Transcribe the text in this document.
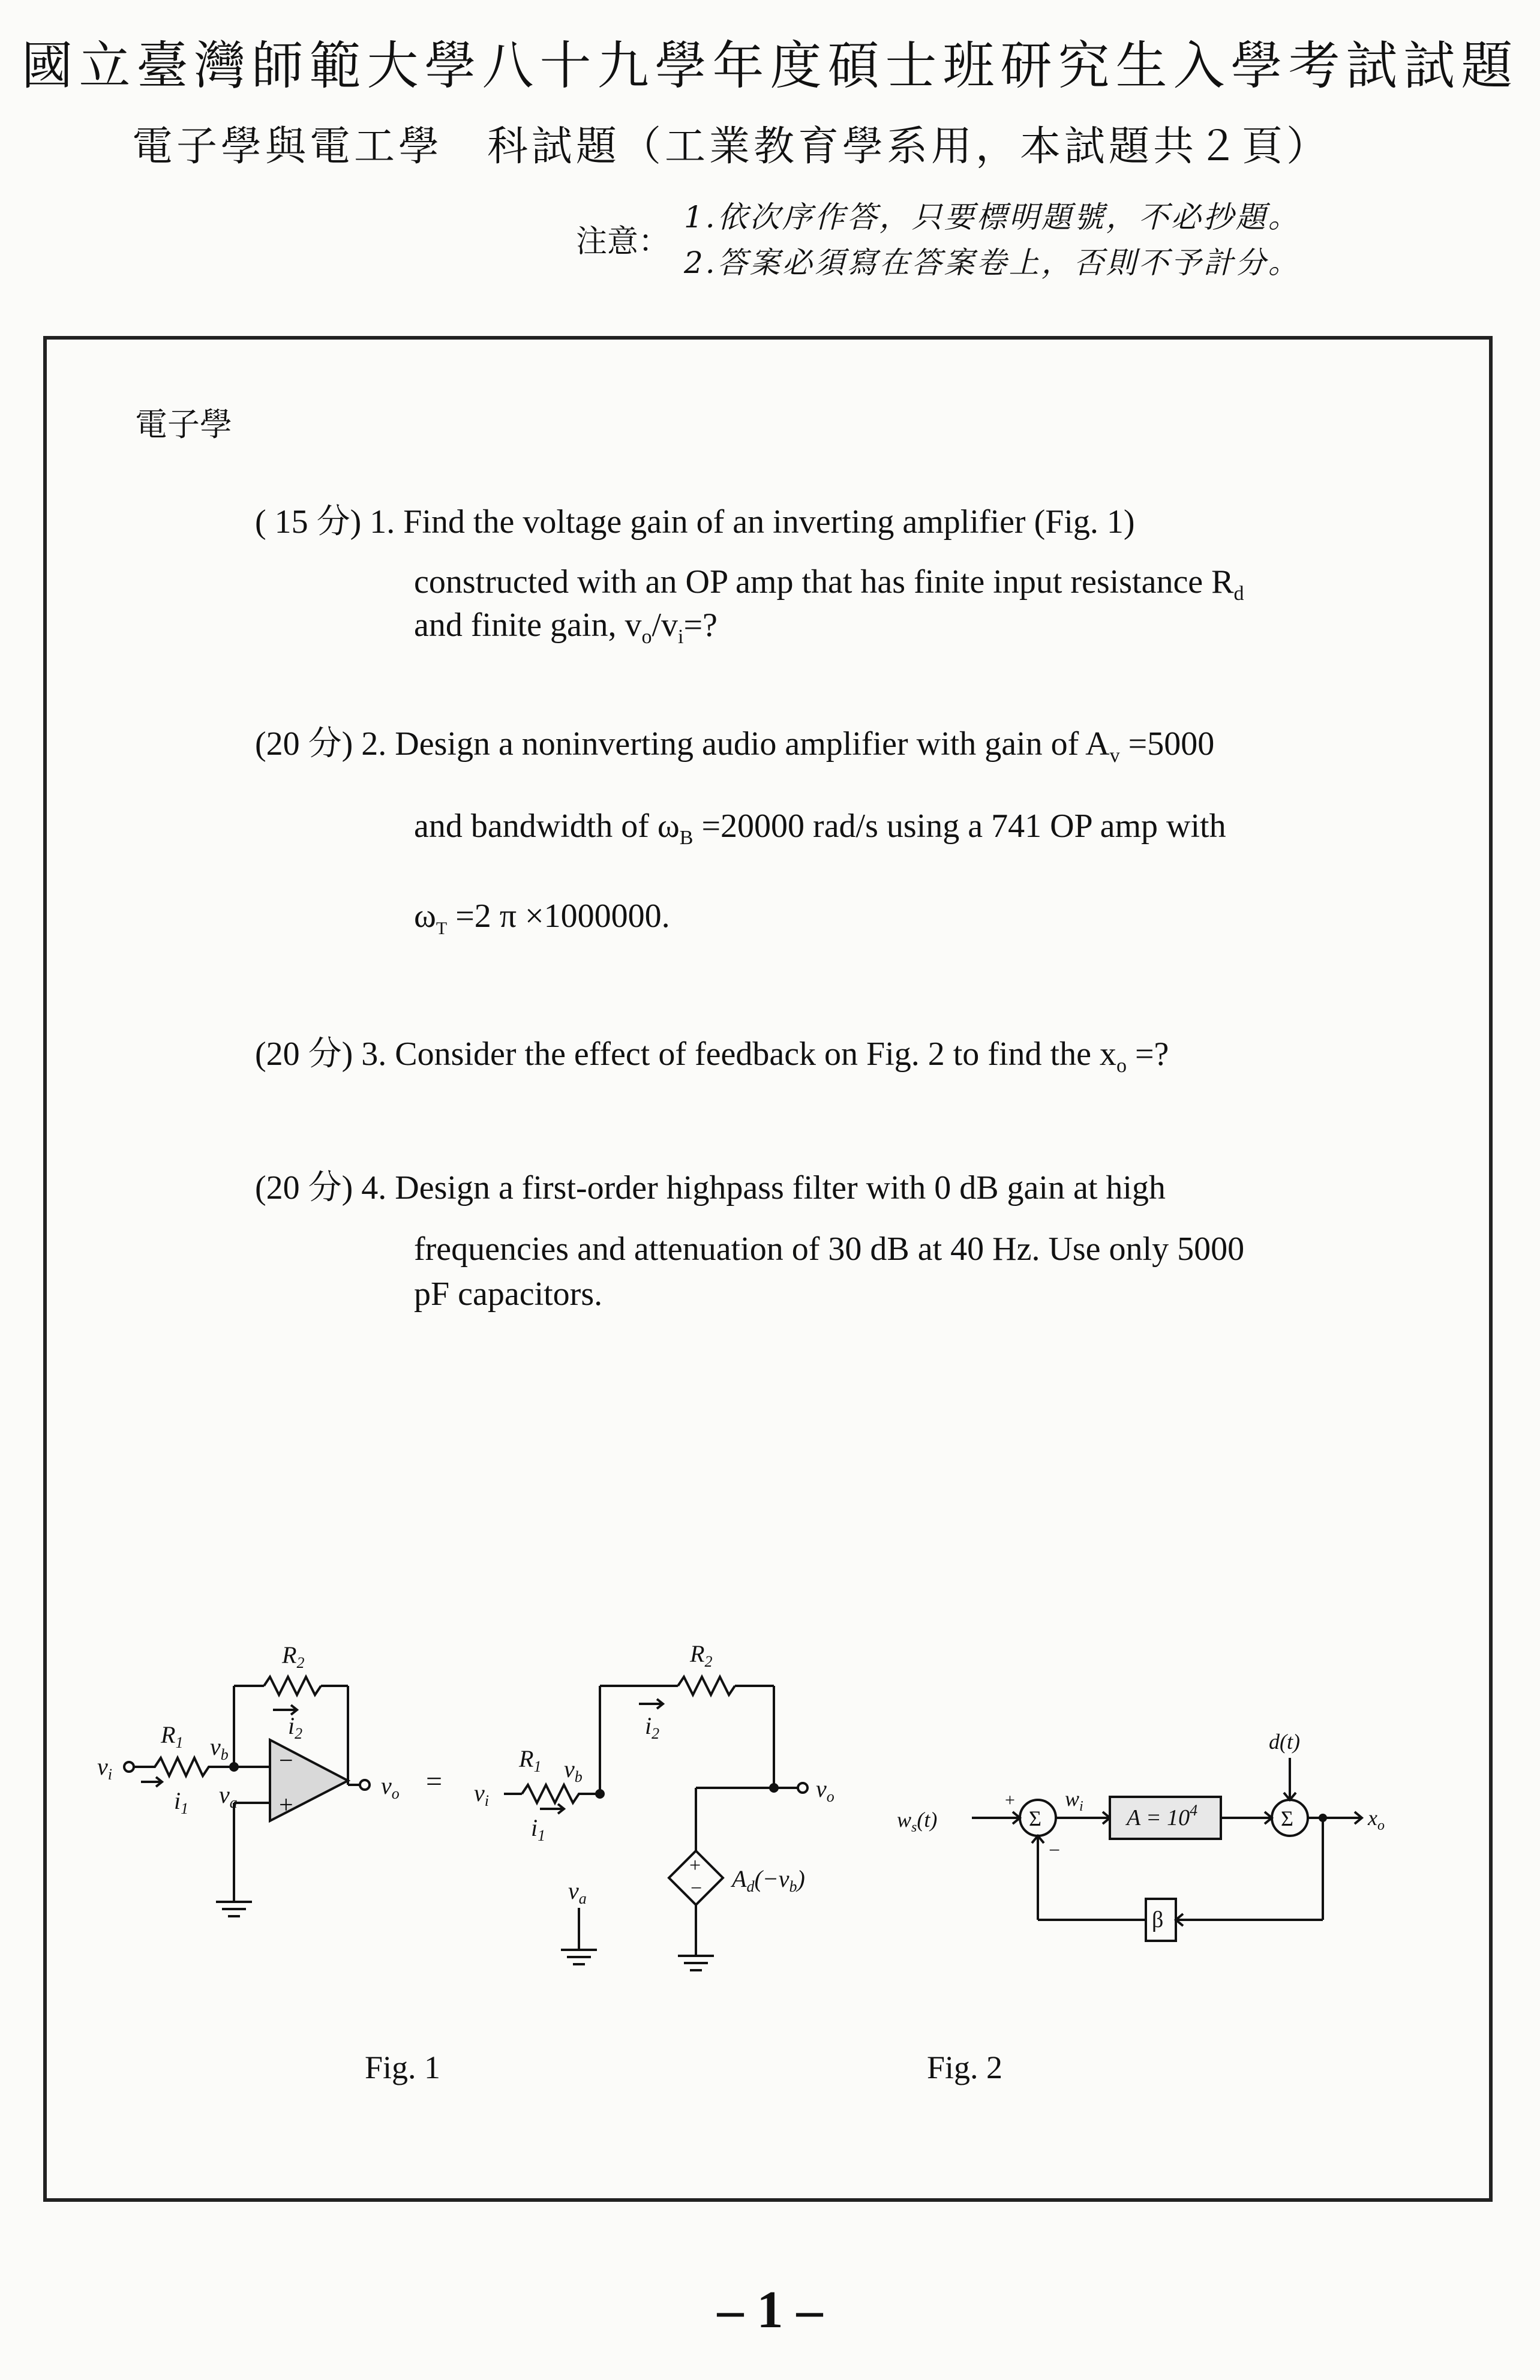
國立臺灣師範大學八十九學年度碩士班研究生入學考試試題
電子學與電工學　科試題（工業教育學系用，本試題共２頁）
注意：
1.依次序作答，只要標明題號，不必抄題。
2.答案必須寫在答案卷上，否則不予計分。
電子學
( 15 分) 1. Find the voltage gain of an inverting amplifier (Fig. 1)
constructed with an OP amp that has finite input resistance $R_d$
and finite gain, $v_o/v_i=$?
(20 分) 2. Design a noninverting audio amplifier with gain of $A_v =5000$
and bandwidth of $\omega_B =20000$ rad/s using a 741 OP amp with
$\omega_T =2$ π ×1000000.
(20 分) 3. Consider the effect of feedback on Fig. 2 to find the $x_o$ =?
(20 分) 4. Design a first-order highpass filter with 0 dB gain at high
frequencies and attenuation of 30 dB at 40 Hz. Use only 5000
pF capacitors.
$v_i$
$R_1$ $v_b$
$R_2$
$i_2$
$i_1$
$v_a$
−
+
$v_o = v_i$
$R_1$ $v_b$
$R_2$
$i_2$
$i_1$
$v_a$
$v_o$
+
− $A_d(-v_b)$
$w_s(t)$
+
−
Σ	Σ
$w_i$ $A = 10^4$
β
d(t)
$x_o$
Fig. 1	Fig. 2
– 1 –
